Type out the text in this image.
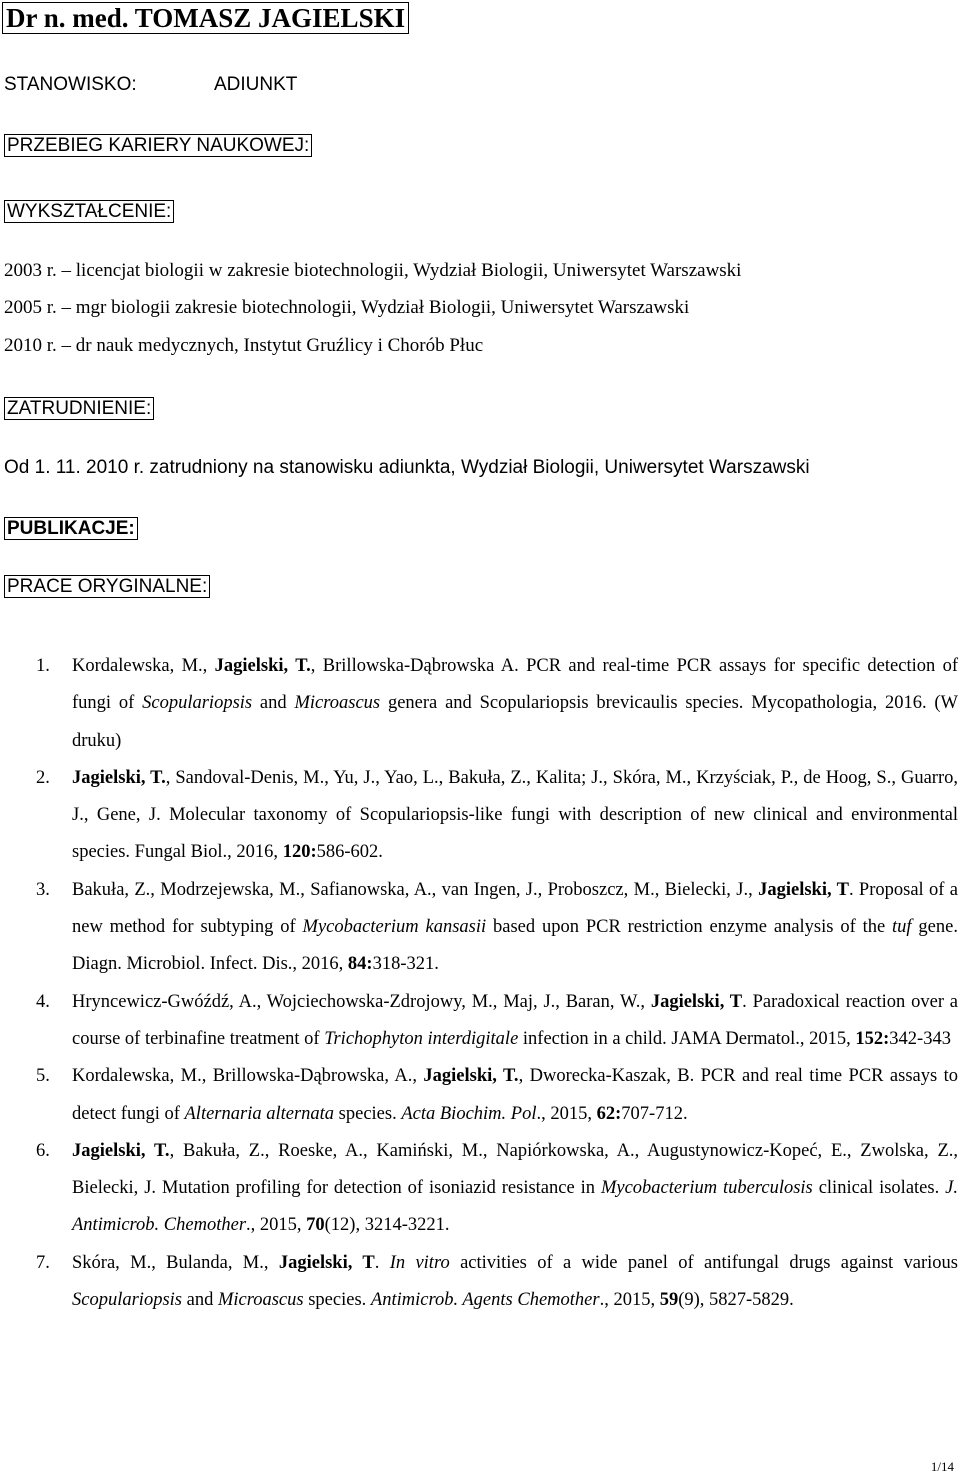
Dr n. med. TOMASZ JAGIELSKI
STANOWISKO:	ADIUNKT
PRZEBIEG KARIERY NAUKOWEJ:
WYKSZTAŁCENIE:
2003 r. – licencjat biologii w zakresie biotechnologii, Wydział Biologii, Uniwersytet Warszawski
2005 r. – mgr biologii zakresie biotechnologii, Wydział Biologii, Uniwersytet Warszawski
2010 r. – dr nauk medycznych, Instytut Gruźlicy i Chorób Płuc
ZATRUDNIENIE:
Od 1. 11. 2010 r. zatrudniony na stanowisku adiunkta, Wydział Biologii, Uniwersytet Warszawski
PUBLIKACJE:
PRACE ORYGINALNE:
1. Kordalewska, M., Jagielski, T., Brillowska-Dąbrowska A. PCR and real-time PCR assays for specific detection of fungi of Scopulariopsis and Microascus genera and Scopulariopsis brevicaulis species. Mycopathologia, 2016. (W druku)
2. Jagielski, T., Sandoval-Denis, M., Yu, J., Yao, L., Bakuła, Z., Kalita; J., Skóra, M., Krzyściak, P., de Hoog, S., Guarro, J., Gene, J. Molecular taxonomy of Scopulariopsis-like fungi with description of new clinical and environmental species. Fungal Biol., 2016, 120:586-602.
3. Bakuła, Z., Modrzejewska, M., Safianowska, A., van Ingen, J., Proboszcz, M., Bielecki, J., Jagielski, T. Proposal of a new method for subtyping of Mycobacterium kansasii based upon PCR restriction enzyme analysis of the tuf gene. Diagn. Microbiol. Infect. Dis., 2016, 84:318-321.
4. Hryncewicz-Gwóźdź, A., Wojciechowska-Zdrojowy, M., Maj, J., Baran, W., Jagielski, T. Paradoxical reaction over a course of terbinafine treatment of Trichophyton interdigitale infection in a child. JAMA Dermatol., 2015, 152:342-343
5. Kordalewska, M., Brillowska-Dąbrowska, A., Jagielski, T., Dworecka-Kaszak, B. PCR and real time PCR assays to detect fungi of Alternaria alternata species. Acta Biochim. Pol., 2015, 62:707-712.
6. Jagielski, T., Bakuła, Z., Roeske, A., Kamiński, M., Napiórkowska, A., Augustynowicz-Kopeć, E., Zwolska, Z., Bielecki, J. Mutation profiling for detection of isoniazid resistance in Mycobacterium tuberculosis clinical isolates. J. Antimicrob. Chemother., 2015, 70(12), 3214-3221.
7. Skóra, M., Bulanda, M., Jagielski, T. In vitro activities of a wide panel of antifungal drugs against various Scopulariopsis and Microascus species. Antimicrob. Agents Chemother., 2015, 59(9), 5827-5829.
1/14
